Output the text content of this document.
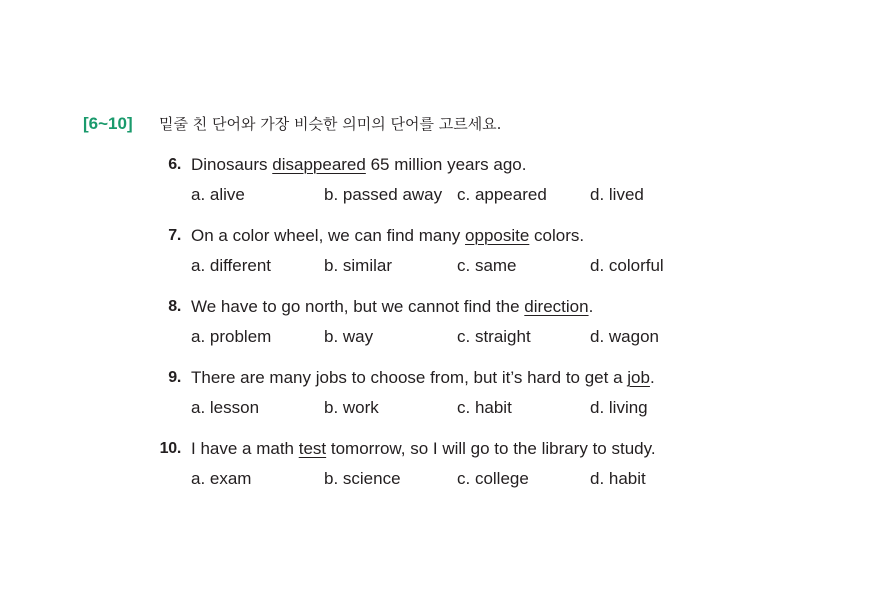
[6~10] 밑줄 친 단어와 가장 비슷한 의미의 단어를 고르세요.
6. Dinosaurs disappeared 65 million years ago.
a. alive	b. passed away c. appeared	d. lived
7. On a color wheel, we can find many opposite colors.
a. different	b. similar	c. same	d. colorful
8. We have to go north, but we cannot find the direction.
a. problem	b. way	c. straight	d. wagon
9. There are many jobs to choose from, but it’s hard to get a job.
a. lesson	b. work	c. habit	d. living
10. I have a math test tomorrow, so I will go to the library to study.
a. exam	b. science	c. college	d. habit
